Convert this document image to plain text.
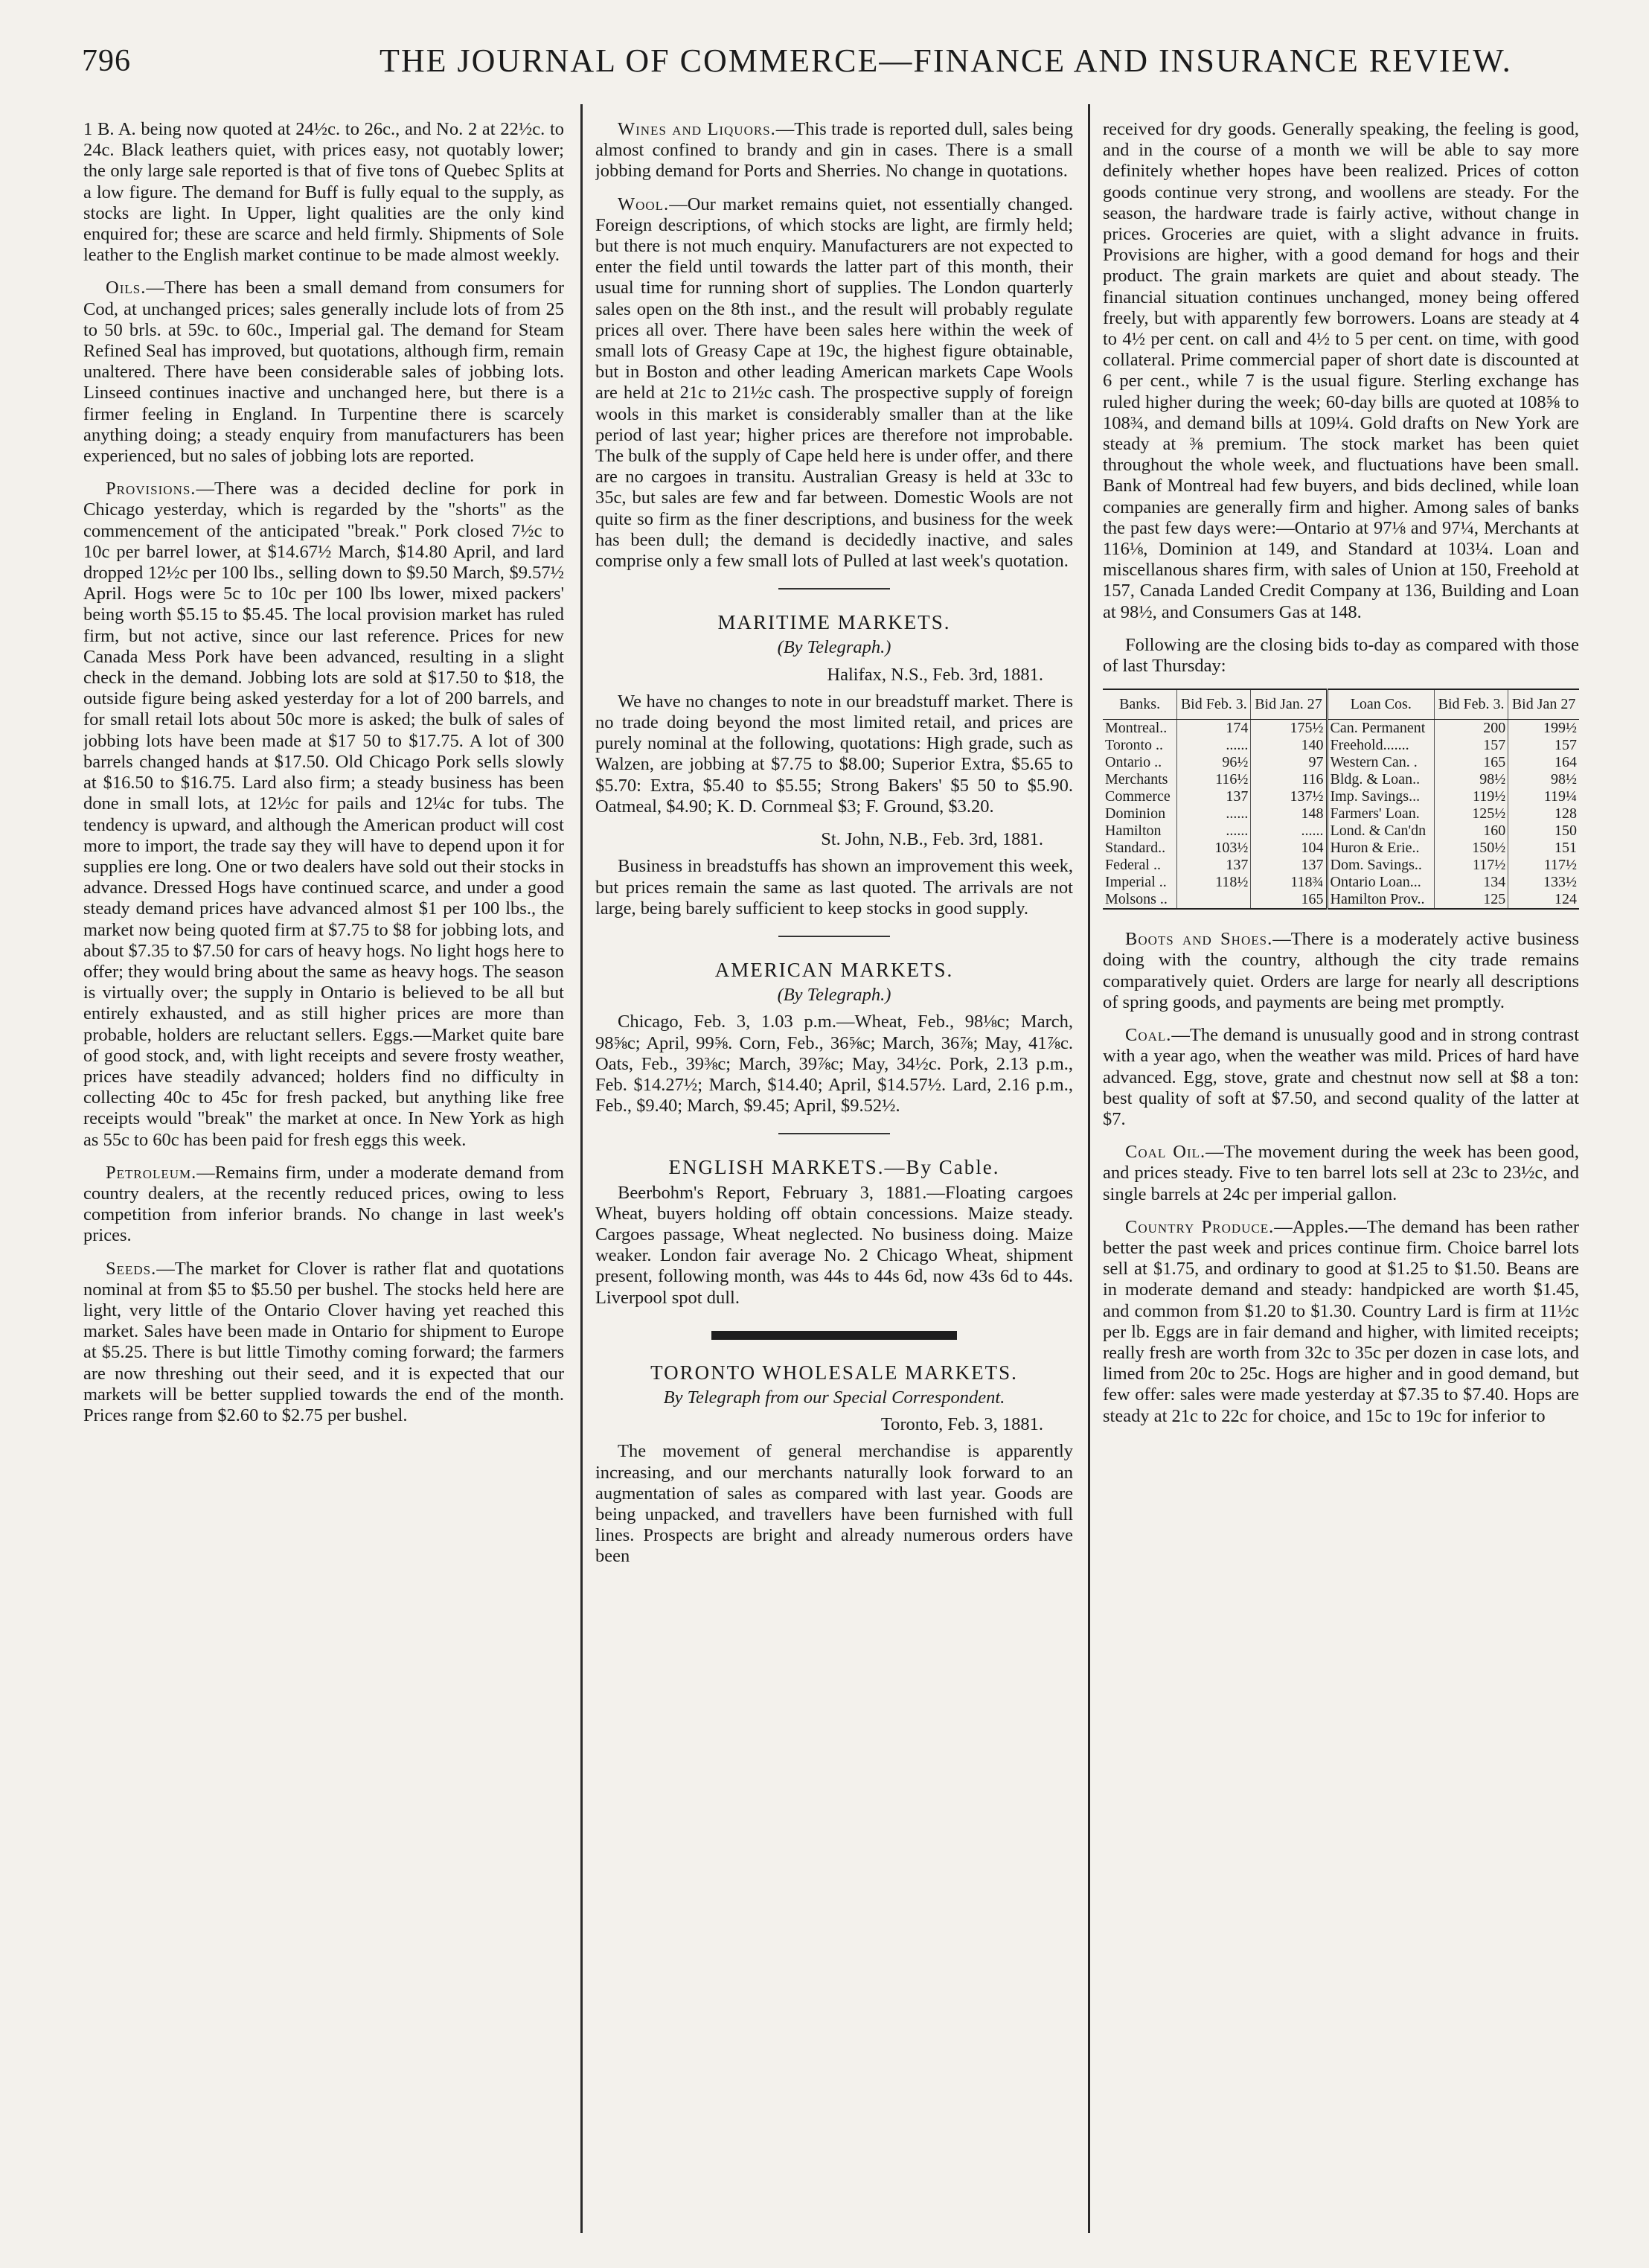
796	THE JOURNAL OF COMMERCE—FINANCE AND INSURANCE REVIEW.

1 B. A. being now quoted at 24½c. to 26c., and No. 2 at 22½c. to 24c. Black leathers quiet, with prices easy, not quotably lower; the only large sale reported is that of five tons of Quebec Splits at a low figure. The demand for Buff is fully equal to the supply, as stocks are light. In Upper, light qualities are the only kind enquired for; these are scarce and held firmly. Shipments of Sole leather to the English market continue to be made almost weekly.

Oils.—There has been a small demand from consumers for Cod, at unchanged prices; sales generally include lots of from 25 to 50 brls. at 59c. to 60c., Imperial gal. The demand for Steam Refined Seal has improved, but quotations, although firm, remain unaltered. There have been considerable sales of jobbing lots. Linseed continues inactive and unchanged here, but there is a firmer feeling in England. In Turpentine there is scarcely anything doing; a steady enquiry from manufacturers has been experienced, but no sales of jobbing lots are reported.

Provisions.—There was a decided decline for pork in Chicago yesterday, which is regarded by the "shorts" as the commencement of the anticipated "break." Pork closed 7½c to 10c per barrel lower, at $14.67½ March, $14.80 April, and lard dropped 12½c per 100 lbs., selling down to $9.50 March, $9.57½ April. Hogs were 5c to 10c per 100 lbs lower, mixed packers' being worth $5.15 to $5.45. The local provision market has ruled firm, but not active, since our last reference. Prices for new Canada Mess Pork have been advanced, resulting in a slight check in the demand. Jobbing lots are sold at $17.50 to $18, the outside figure being asked yesterday for a lot of 200 barrels, and for small retail lots about 50c more is asked; the bulk of sales of jobbing lots have been made at $17 50 to $17.75. A lot of 300 barrels changed hands at $17.50. Old Chicago Pork sells slowly at $16.50 to $16.75. Lard also firm; a steady business has been done in small lots, at 12½c for pails and 12¼c for tubs. The tendency is upward, and although the American product will cost more to import, the trade say they will have to depend upon it for supplies ere long. One or two dealers have sold out their stocks in advance. Dressed Hogs have continued scarce, and under a good steady demand prices have advanced almost $1 per 100 lbs., the market now being quoted firm at $7.75 to $8 for jobbing lots, and about $7.35 to $7.50 for cars of heavy hogs. No light hogs here to offer; they would bring about the same as heavy hogs. The season is virtually over; the supply in Ontario is believed to be all but entirely exhausted, and as still higher prices are more than probable, holders are reluctant sellers. Eggs.—Market quite bare of good stock, and, with light receipts and severe frosty weather, prices have steadily advanced; holders find no difficulty in collecting 40c to 45c for fresh packed, but anything like free receipts would "break" the market at once. In New York as high as 55c to 60c has been paid for fresh eggs this week.

Petroleum.—Remains firm, under a moderate demand from country dealers, at the recently reduced prices, owing to less competition from inferior brands. No change in last week's prices.

Seeds.—The market for Clover is rather flat and quotations nominal at from $5 to $5.50 per bushel. The stocks held here are light, very little of the Ontario Clover having yet reached this market. Sales have been made in Ontario for shipment to Europe at $5.25. There is but little Timothy coming forward; the farmers are now threshing out their seed, and it is expected that our markets will be better supplied towards the end of the month. Prices range from $2.60 to $2.75 per bushel.

Wines and Liquors.—This trade is reported dull, sales being almost confined to brandy and gin in cases. There is a small jobbing demand for Ports and Sherries. No change in quotations.

Wool.—Our market remains quiet, not essentially changed. Foreign descriptions, of which stocks are light, are firmly held; but there is not much enquiry. Manufacturers are not expected to enter the field until towards the latter part of this month, their usual time for running short of supplies. The London quarterly sales open on the 8th inst., and the result will probably regulate prices all over. There have been sales here within the week of small lots of Greasy Cape at 19c, the highest figure obtainable, but in Boston and other leading American markets Cape Wools are held at 21c to 21½c cash. The prospective supply of foreign wools in this market is considerably smaller than at the like period of last year; higher prices are therefore not improbable. The bulk of the supply of Cape held here is under offer, and there are no cargoes in transitu. Australian Greasy is held at 33c to 35c, but sales are few and far between. Domestic Wools are not quite so firm as the finer descriptions, and business for the week has been dull; the demand is decidedly inactive, and sales comprise only a few small lots of Pulled at last week's quotation.

MARITIME MARKETS.
(By Telegraph.)
Halifax, N.S., Feb. 3rd, 1881.

We have no changes to note in our breadstuff market. There is no trade doing beyond the most limited retail, and prices are purely nominal at the following, quotations: High grade, such as Walzen, are jobbing at $7.75 to $8.00; Superior Extra, $5.65 to $5.70: Extra, $5.40 to $5.55; Strong Bakers' $5 50 to $5.90. Oatmeal, $4.90; K. D. Cornmeal $3; F. Ground, $3.20.

St. John, N.B., Feb. 3rd, 1881.

Business in breadstuffs has shown an improvement this week, but prices remain the same as last quoted. The arrivals are not large, being barely sufficient to keep stocks in good supply.

AMERICAN MARKETS.
(By Telegraph.)

Chicago, Feb. 3, 1.03 p.m.—Wheat, Feb., 98⅛c; March, 98⅝c; April, 99⅝. Corn, Feb., 36⅝c; March, 36⅞; May, 41⅞c. Oats, Feb., 39⅜c; March, 39⅞c; May, 34½c. Pork, 2.13 p.m., Feb. $14.27½; March, $14.40; April, $14.57½. Lard, 2.16 p.m., Feb., $9.40; March, $9.45; April, $9.52½.

ENGLISH MARKETS.—By Cable.

Beerbohm's Report, February 3, 1881.—Floating cargoes Wheat, buyers holding off obtain concessions. Maize steady. Cargoes passage, Wheat neglected. No business doing. Maize weaker. London fair average No. 2 Chicago Wheat, shipment present, following month, was 44s to 44s 6d, now 43s 6d to 44s. Liverpool spot dull.

TORONTO WHOLESALE MARKETS.
By Telegraph from our Special Correspondent.
Toronto, Feb. 3, 1881.

The movement of general merchandise is apparently increasing, and our merchants naturally look forward to an augmentation of sales as compared with last year. Goods are being unpacked, and travellers have been furnished with full lines. Prospects are bright and already numerous orders have been

received for dry goods. Generally speaking, the feeling is good, and in the course of a month we will be able to say more definitely whether hopes have been realized. Prices of cotton goods continue very strong, and woollens are steady. For the season, the hardware trade is fairly active, without change in prices. Groceries are quiet, with a slight advance in fruits. Provisions are higher, with a good demand for hogs and their product. The grain markets are quiet and about steady. The financial situation continues unchanged, money being offered freely, but with apparently few borrowers. Loans are steady at 4 to 4½ per cent. on call and 4½ to 5 per cent. on time, with good collateral. Prime commercial paper of short date is discounted at 6 per cent., while 7 is the usual figure. Sterling exchange has ruled higher during the week; 60-day bills are quoted at 108⅝ to 108¾, and demand bills at 109¼. Gold drafts on New York are steady at ⅜ premium. The stock market has been quiet throughout the whole week, and fluctuations have been small. Bank of Montreal had few buyers, and bids declined, while loan companies are generally firm and higher. Among sales of banks the past few days were:—Ontario at 97⅛ and 97¼, Merchants at 116⅛, Dominion at 149, and Standard at 103¼. Loan and miscellanous shares firm, with sales of Union at 150, Freehold at 157, Canada Landed Credit Company at 136, Building and Loan at 98½, and Consumers Gas at 148.

Following are the closing bids to-day as compared with those of last Thursday:

Banks.	Bid Feb. 3.	Bid Jan. 27	Loan Cos.	Bid Feb. 3.	Bid Jan 27
Montreal..	174	175½	Can. Permanent	200	199½
Toronto ..	......	140	Freehold.......	157	157
Ontario ..	96½	97	Western Can. .	165	164
Merchants	116½	116	Bldg. & Loan..	98½	98½
Commerce	137	137½	Imp. Savings...	119½	119¼
Dominion	......	148	Farmers' Loan.	125½	128
Hamilton	......	......	Lond. & Can'dn	160	150
Standard..	103½	104	Huron & Erie..	150½	151
Federal ..	137	137	Dom. Savings..	117½	117½
Imperial ..	118½	118¾	Ontario Loan...	134	133½
Molsons ..		165	Hamilton Prov..	125	124

Boots and Shoes.—There is a moderately active business doing with the country, although the city trade remains comparatively quiet. Orders are large for nearly all descriptions of spring goods, and payments are being met promptly.

Coal.—The demand is unusually good and in strong contrast with a year ago, when the weather was mild. Prices of hard have advanced. Egg, stove, grate and chestnut now sell at $8 a ton: best quality of soft at $7.50, and second quality of the latter at $7.

Coal Oil.—The movement during the week has been good, and prices steady. Five to ten barrel lots sell at 23c to 23½c, and single barrels at 24c per imperial gallon.

Country Produce.—Apples.—The demand has been rather better the past week and prices continue firm. Choice barrel lots sell at $1.75, and ordinary to good at $1.25 to $1.50. Beans are in moderate demand and steady: handpicked are worth $1.45, and common from $1.20 to $1.30. Country Lard is firm at 11½c per lb. Eggs are in fair demand and higher, with limited receipts; really fresh are worth from 32c to 35c per dozen in case lots, and limed from 20c to 25c. Hogs are higher and in good demand, but few offer: sales were made yesterday at $7.35 to $7.40. Hops are steady at 21c to 22c for choice, and 15c to 19c for inferior to
